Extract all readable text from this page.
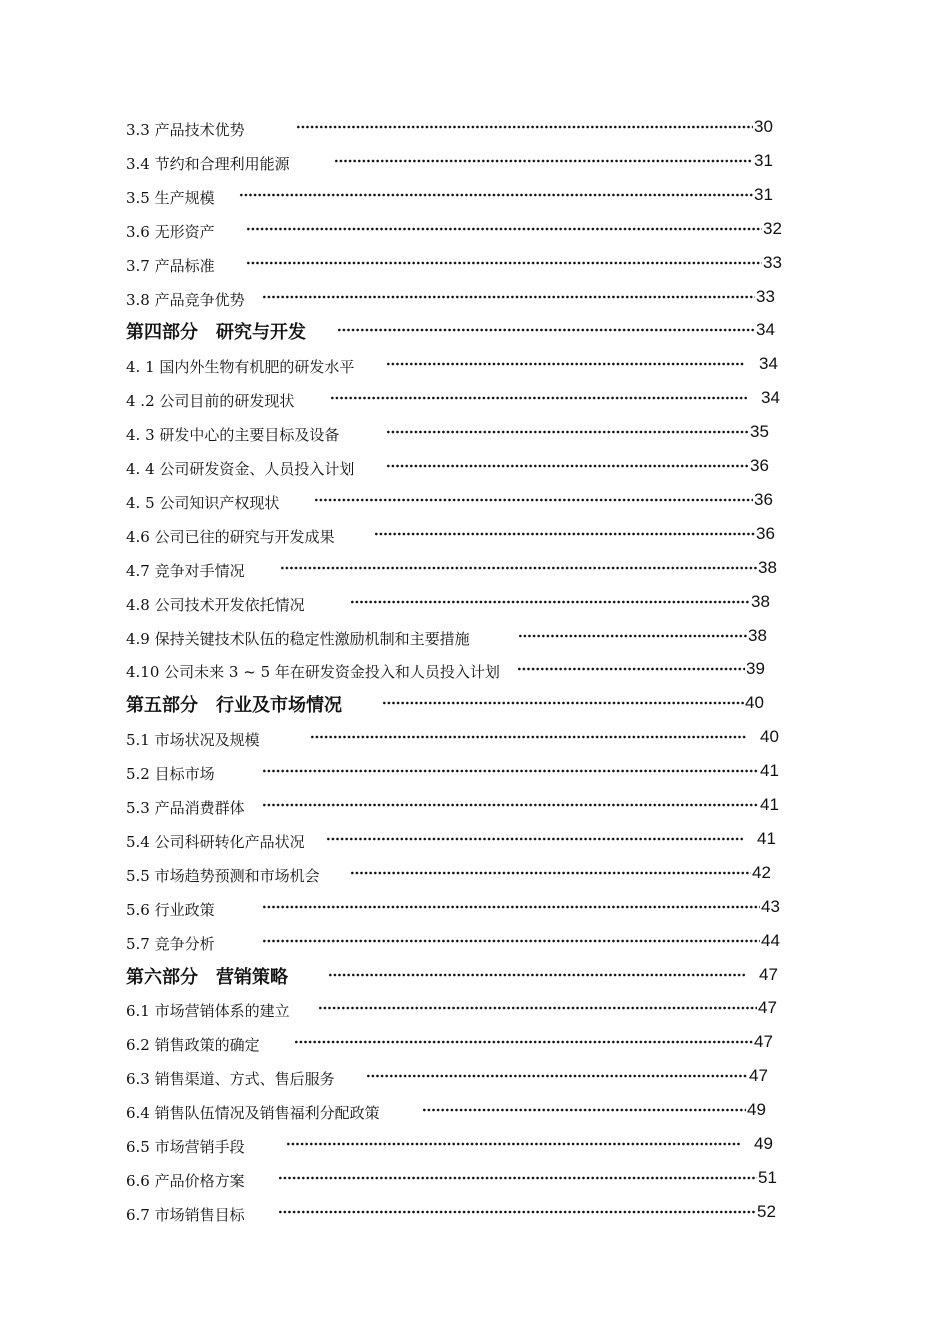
3.3 产品技术优势	30
3.4 节约和合理利用能源	31
3.5 生产规模	31
3.6 无形资产	32
3.7 产品标准	33
3.8 产品竞争优势	33
第四部分　研究与开发	34
4. 1 国内外生物有机肥的研发水平	34
4 .2 公司目前的研发现状	34
4. 3 研发中心的主要目标及设备	35
4. 4 公司研发资金、人员投入计划	36
4. 5 公司知识产权现状	36
4.6 公司已往的研究与开发成果	36
4.7 竞争对手情况	38
4.8 公司技术开发依托情况	38
4.9 保持关键技术队伍的稳定性激励机制和主要措施	38
4.10 公司未来 3 ~ 5 年在研发资金投入和人员投入计划	39
第五部分　行业及市场情况	40
5.1 市场状况及规模	40
5.2 目标市场	41
5.3 产品消费群体	41
5.4 公司科研转化产品状况	41
5.5 市场趋势预测和市场机会	42
5.6 行业政策	43
5.7 竞争分析	44
第六部分　营销策略	47
6.1 市场营销体系的建立	47
6.2 销售政策的确定	47
6.3 销售渠道、方式、售后服务	47
6.4 销售队伍情况及销售福利分配政策	49
6.5 市场营销手段	49
6.6 产品价格方案	51
6.7 市场销售目标	52
